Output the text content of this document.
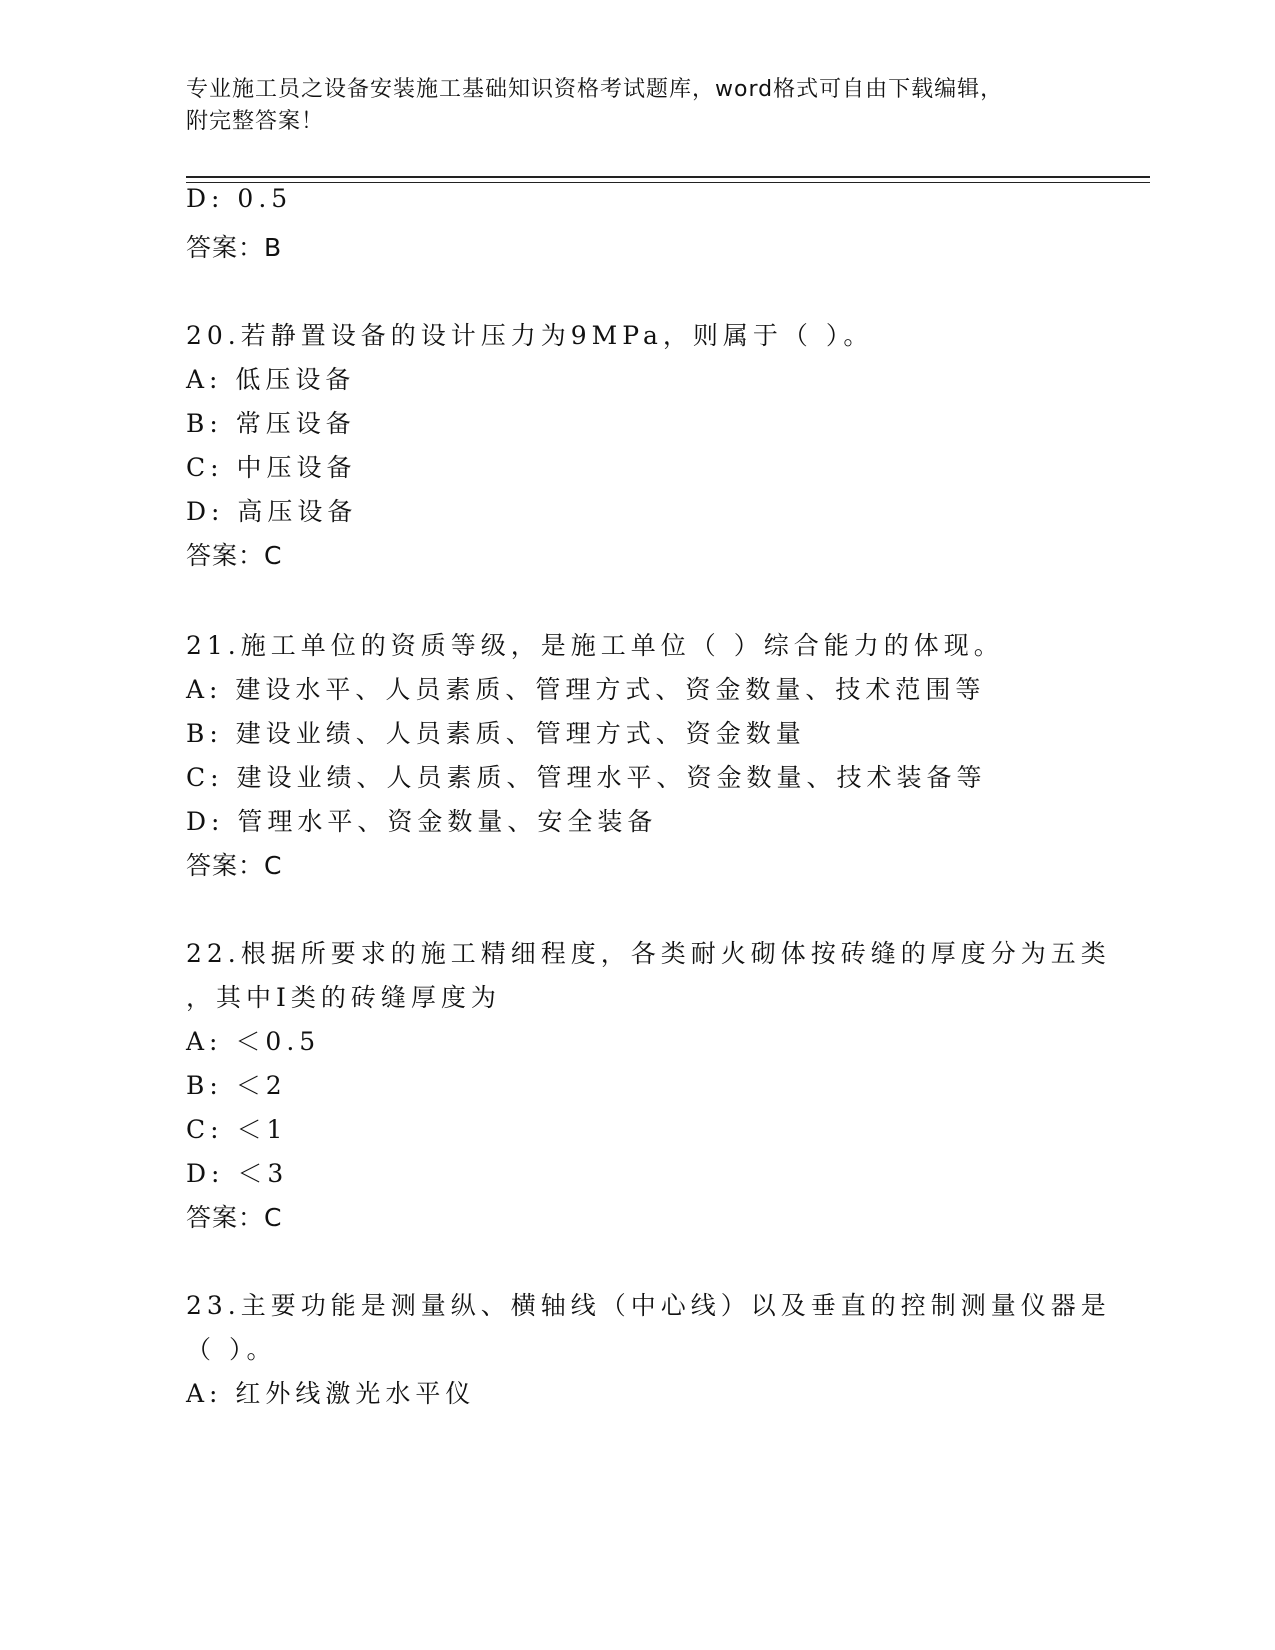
专业施工员之设备安装施工基础知识资格考试题库，word格式可自由下载编辑，
附完整答案！
D: 0.5
答案：B
20.若静置设备的设计压力为9MPa，则属于（ ）。
A: 低压设备
B: 常压设备
C: 中压设备
D: 高压设备
答案：C
21.施工单位的资质等级，是施工单位（ ）综合能力的体现。
A: 建设水平、人员素质、管理方式、资金数量、技术范围等
B: 建设业绩、人员素质、管理方式、资金数量
C: 建设业绩、人员素质、管理水平、资金数量、技术装备等
D: 管理水平、资金数量、安全装备
答案：C
22.根据所要求的施工精细程度，各类耐火砌体按砖缝的厚度分为五类
，其中I类的砖缝厚度为
A: ＜0.5
B: ＜2
C: ＜1
D: ＜3
答案：C
23.主要功能是测量纵、横轴线（中心线）以及垂直的控制测量仪器是
（ ）。
A: 红外线激光水平仪
